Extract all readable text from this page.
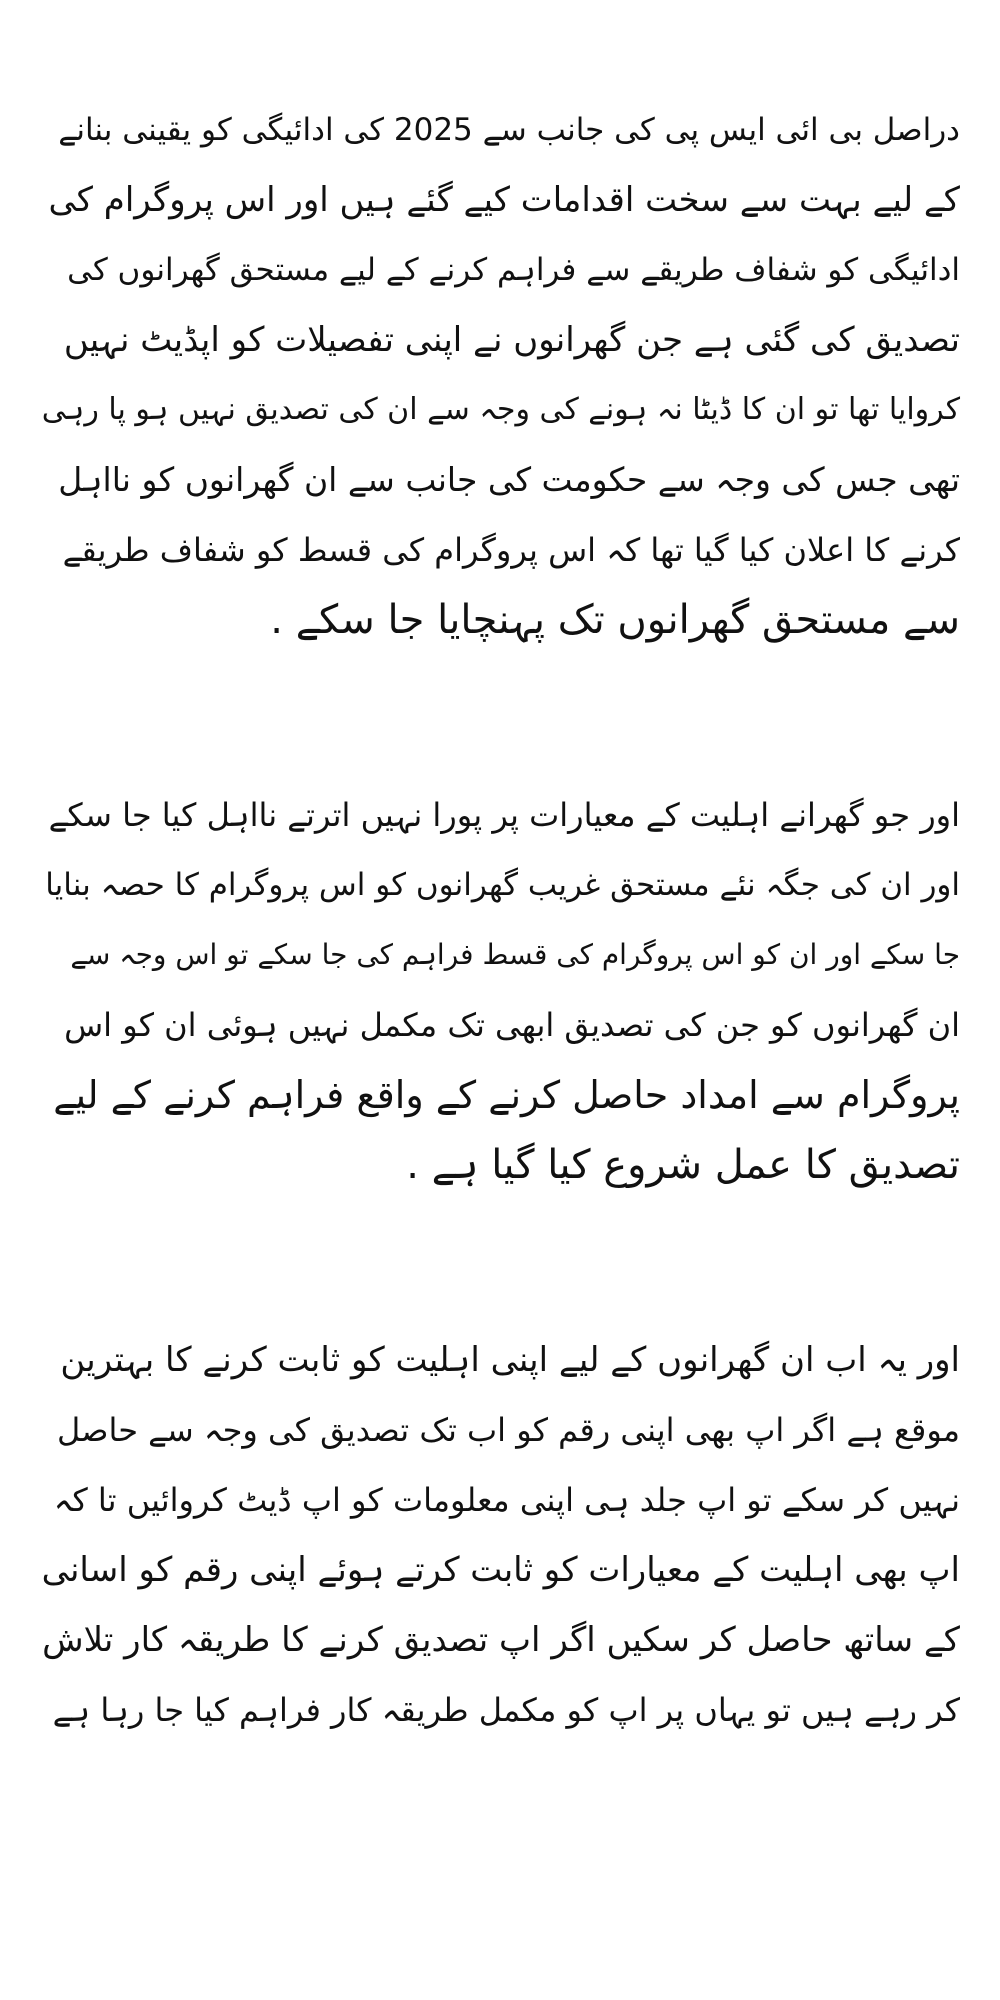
دراصل بی ائی ایس پی کی جانب سے 2025 کی ادائیگی کو یقینی بنانے
کے لیے بہت سے سخت اقدامات کیے گئے ہیں اور اس پروگرام کی
ادائیگی کو شفاف طریقے سے فراہم کرنے کے لیے مستحق گھرانوں کی
تصدیق کی گئی ہے جن گھرانوں نے اپنی تفصیلات کو اپڈیٹ نہیں
کروایا تھا تو ان کا ڈیٹا نہ ہونے کی وجہ سے ان کی تصدیق نہیں ہو پا رہی
تھی جس کی وجہ سے حکومت کی جانب سے ان گھرانوں کو نااہل
کرنے کا اعلان کیا گیا تھا کہ اس پروگرام کی قسط کو شفاف طریقے
سے مستحق گھرانوں تک پہنچایا جا سکے .
اور جو گھرانے اہلیت کے معیارات پر پورا نہیں اترتے نااہل کیا جا سکے
اور ان کی جگہ نئے مستحق غریب گھرانوں کو اس پروگرام کا حصہ بنایا
جا سکے اور ان کو اس پروگرام کی قسط فراہم کی جا سکے تو اس وجہ سے
ان گھرانوں کو جن کی تصدیق ابھی تک مکمل نہیں ہوئی ان کو اس
پروگرام سے امداد حاصل کرنے کے واقع فراہم کرنے کے لیے
تصدیق کا عمل شروع کیا گیا ہے .
اور یہ اب ان گھرانوں کے لیے اپنی اہلیت کو ثابت کرنے کا بہترین
موقع ہے اگر اپ بھی اپنی رقم کو اب تک تصدیق کی وجہ سے حاصل
نہیں کر سکے تو اپ جلد ہی اپنی معلومات کو اپ ڈیٹ کروائیں تا کہ
اپ بھی اہلیت کے معیارات کو ثابت کرتے ہوئے اپنی رقم کو اسانی
کے ساتھ حاصل کر سکیں اگر اپ تصدیق کرنے کا طریقہ کار تلاش
کر رہے ہیں تو یہاں پر اپ کو مکمل طریقہ کار فراہم کیا جا رہا ہے
